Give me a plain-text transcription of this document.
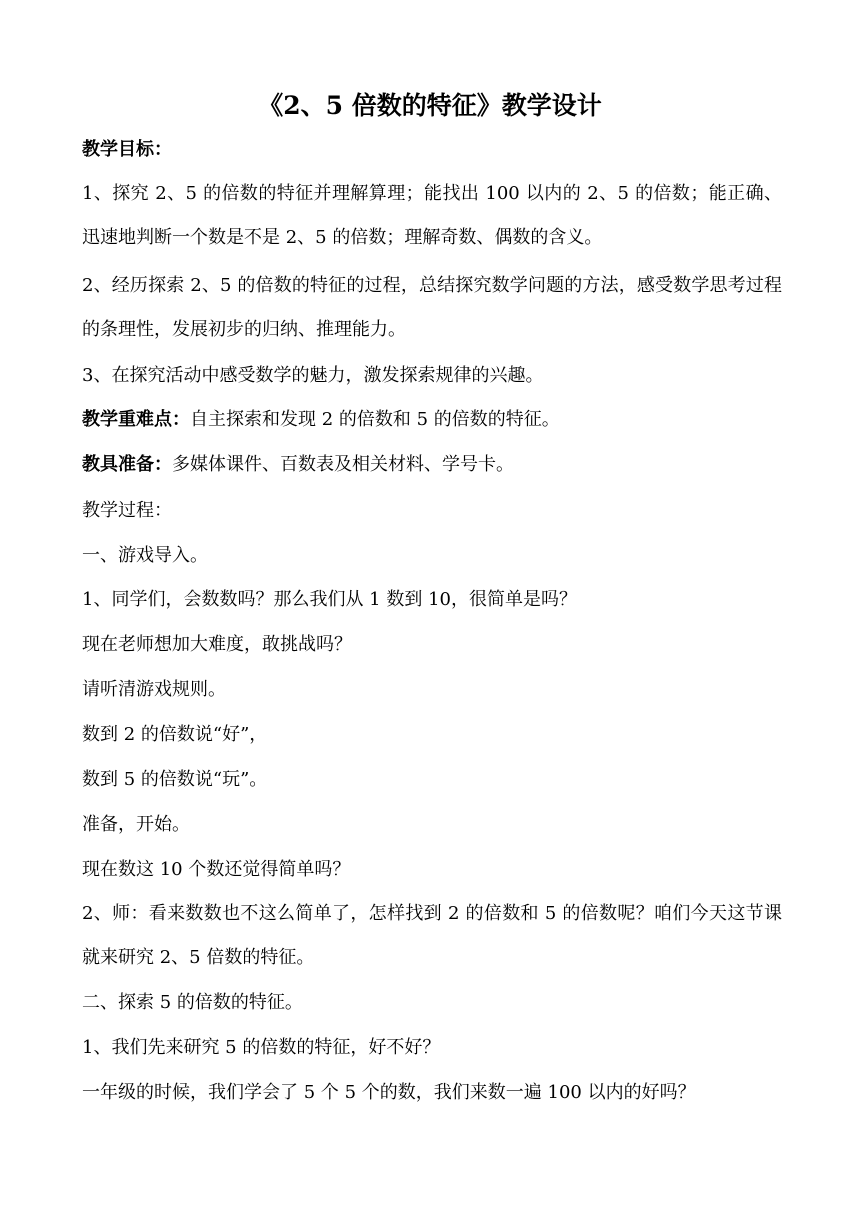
《2、5 倍数的特征》教学设计
教学目标：
1、探究 2、5 的倍数的特征并理解算理；能找出 100 以内的 2、5 的倍数；能正确、迅速地判断一个数是不是 2、5 的倍数；理解奇数、偶数的含义。
2、经历探索 2、5 的倍数的特征的过程，总结探究数学问题的方法，感受数学思考过程的条理性，发展初步的归纳、推理能力。
3、在探究活动中感受数学的魅力，激发探索规律的兴趣。
教学重难点：自主探索和发现 2 的倍数和 5 的倍数的特征。
教具准备：多媒体课件、百数表及相关材料、学号卡。
教学过程：
一、游戏导入。
1、同学们，会数数吗？那么我们从 1 数到 10，很简单是吗？
现在老师想加大难度，敢挑战吗？
请听清游戏规则。
数到 2 的倍数说“好”，
数到 5 的倍数说“玩”。
准备，开始。
现在数这 10 个数还觉得简单吗？
2、师：看来数数也不这么简单了，怎样找到 2 的倍数和 5 的倍数呢？咱们今天这节课就来研究 2、5 倍数的特征。
二、探索 5 的倍数的特征。
1、我们先来研究 5 的倍数的特征，好不好？
一年级的时候，我们学会了 5 个 5 个的数，我们来数一遍 100 以内的好吗？
